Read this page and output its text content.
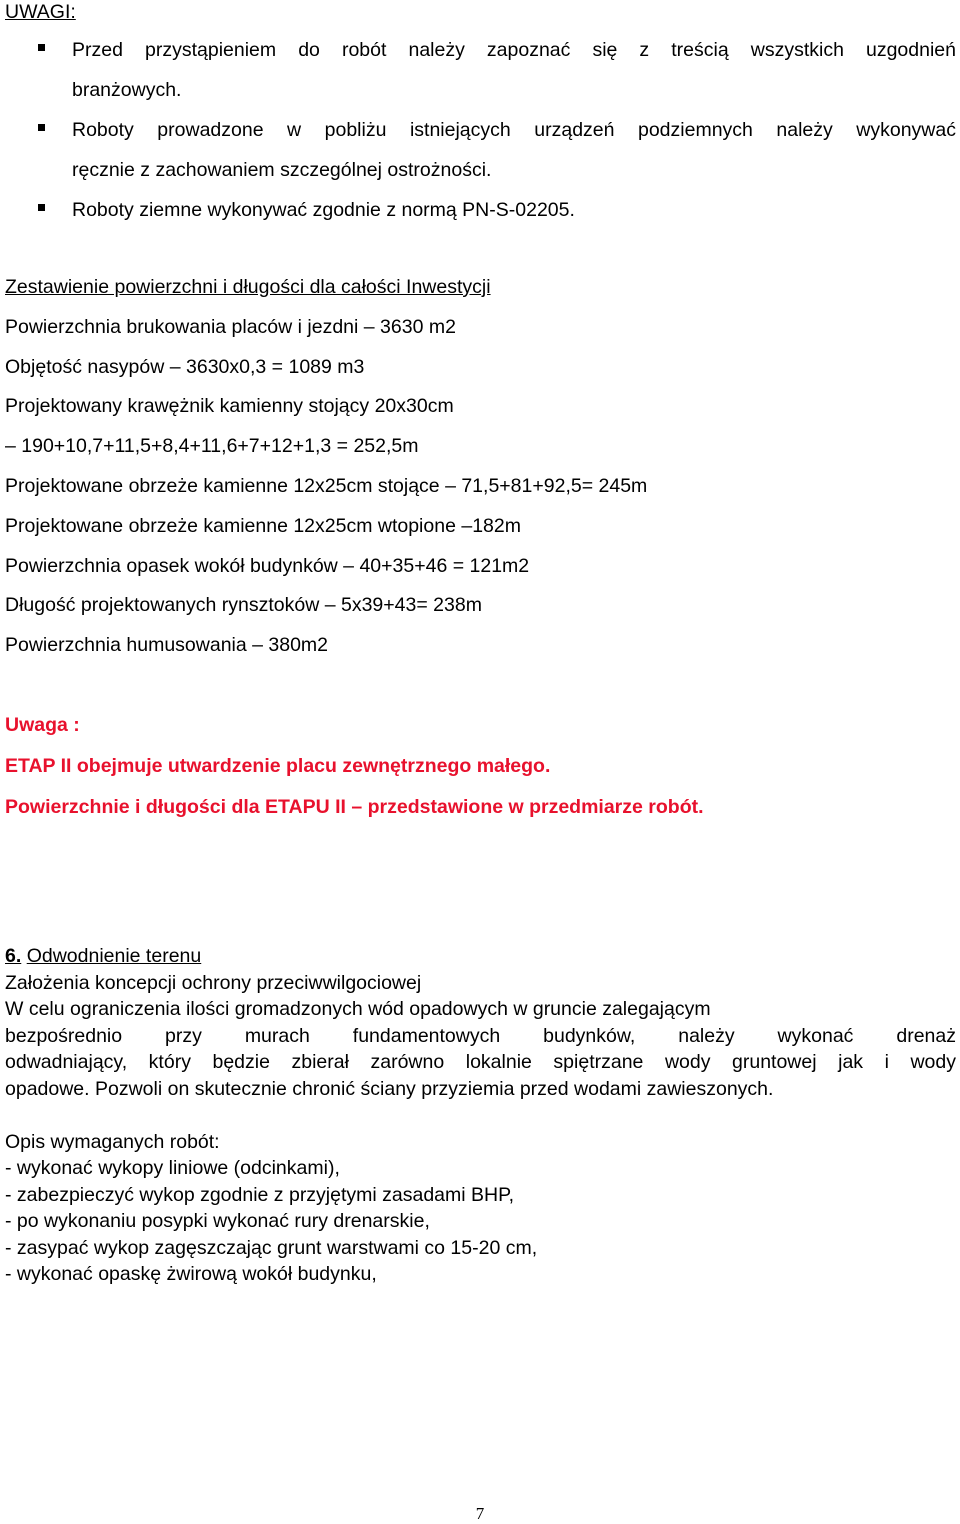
UWAGI:
Przed przystąpieniem do robót należy zapoznać się z treścią wszystkich uzgodnień
branżowych.
Roboty prowadzone w pobliżu istniejących urządzeń podziemnych należy wykonywać
ręcznie z zachowaniem szczególnej ostrożności.
Roboty ziemne wykonywać zgodnie z normą PN-S-02205.
Zestawienie powierzchni i długości dla całości Inwestycji
Powierzchnia brukowania placów i jezdni – 3630 m2
Objętość nasypów – 3630x0,3 = 1089 m3
Projektowany krawężnik kamienny stojący 20x30cm
– 190+10,7+11,5+8,4+11,6+7+12+1,3 = 252,5m
Projektowane obrzeże kamienne 12x25cm stojące – 71,5+81+92,5= 245m
Projektowane obrzeże kamienne 12x25cm wtopione –182m
Powierzchnia opasek wokół budynków – 40+35+46 = 121m2
Długość projektowanych rynsztoków – 5x39+43= 238m
Powierzchnia humusowania – 380m2
Uwaga :
ETAP II obejmuje utwardzenie placu zewnętrznego małego.
Powierzchnie i długości dla ETAPU II – przedstawione w przedmiarze robót.
6. Odwodnienie terenu
Założenia koncepcji ochrony przeciwwilgociowej
W celu ograniczenia ilości gromadzonych wód opadowych w gruncie zalegającym
bezpośrednio przy murach fundamentowych budynków, należy wykonać drenaż
odwadniający, który będzie zbierał zarówno lokalnie spiętrzane wody gruntowej jak i wody
opadowe. Pozwoli on skutecznie chronić ściany przyziemia przed wodami zawieszonych.
Opis wymaganych robót:
- wykonać wykopy liniowe (odcinkami),
- zabezpieczyć wykop zgodnie z przyjętymi zasadami BHP,
- po wykonaniu posypki wykonać rury drenarskie,
- zasypać wykop zagęszczając grunt warstwami co 15-20 cm,
- wykonać opaskę żwirową wokół budynku,
7
